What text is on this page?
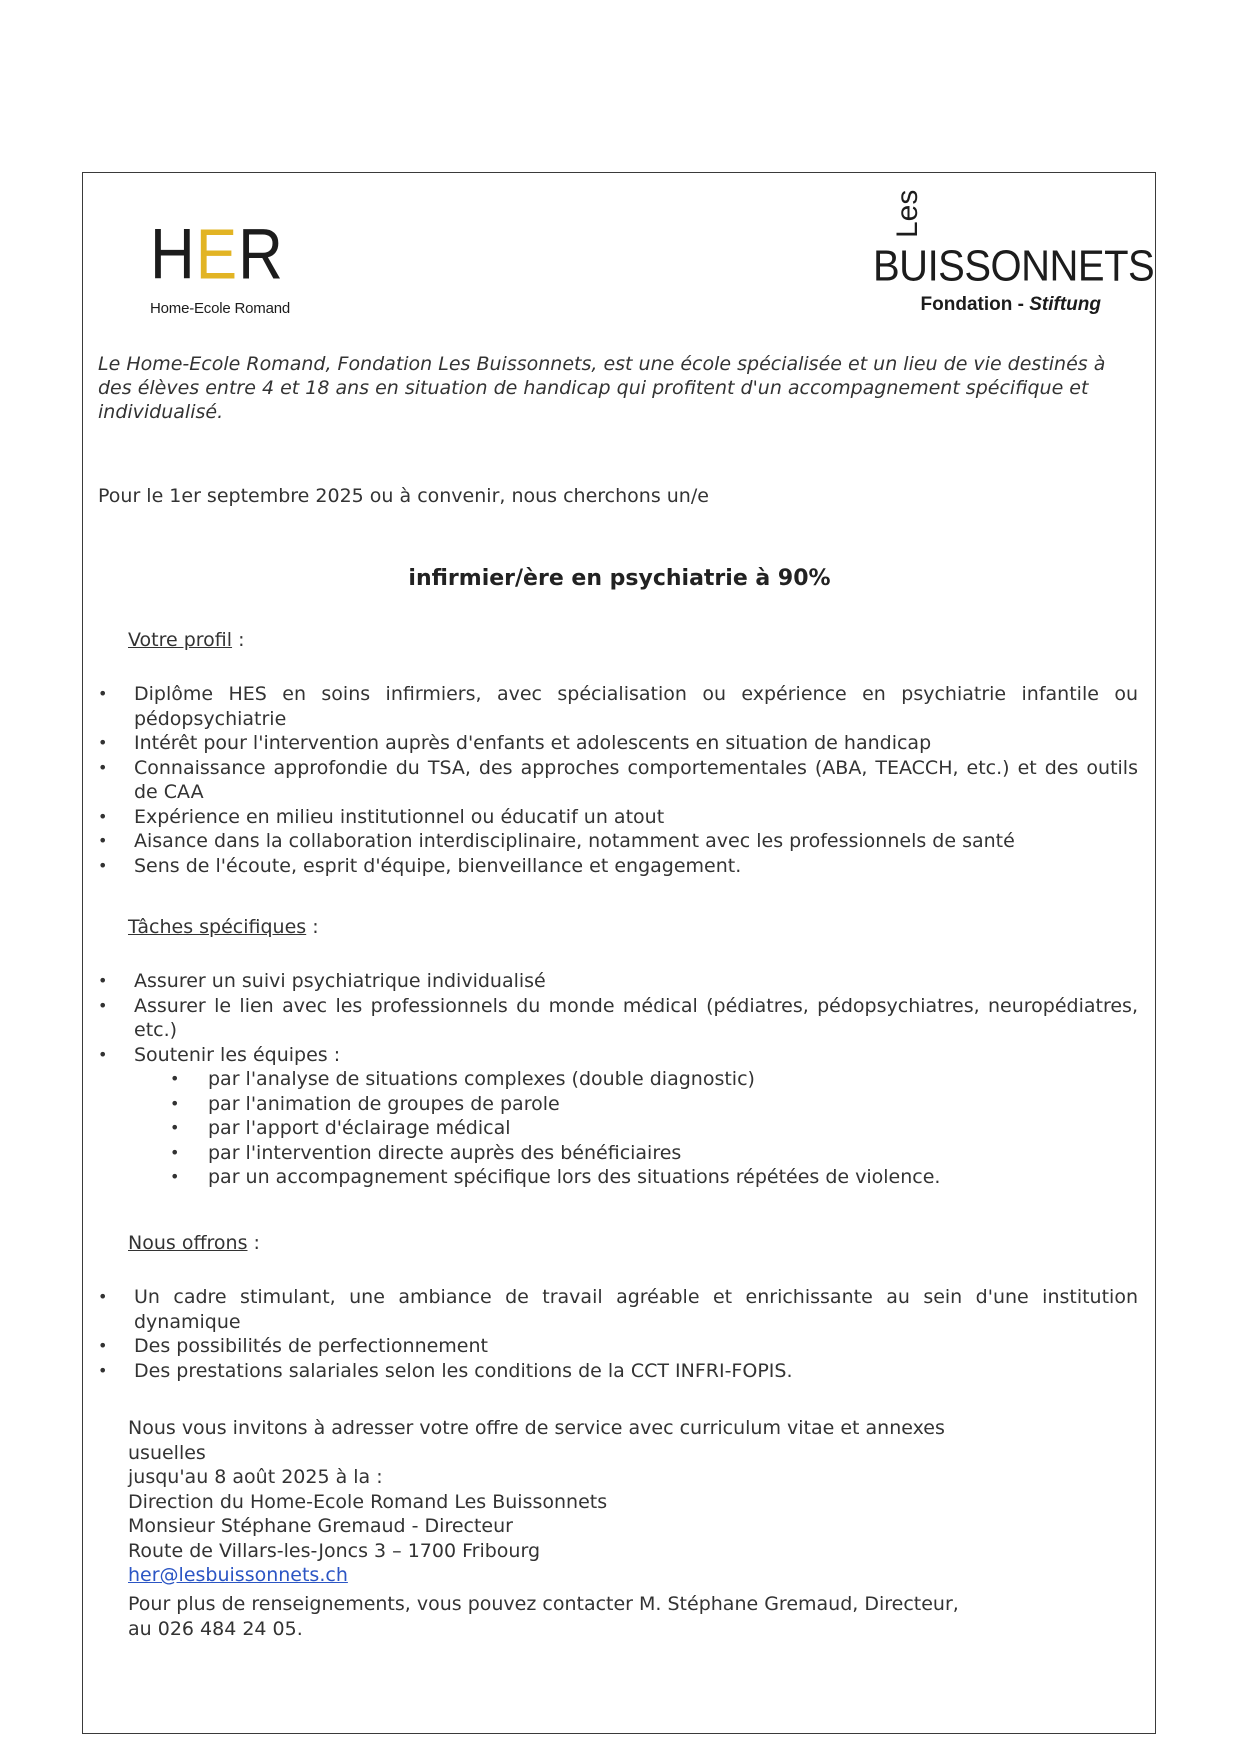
HER
Home-Ecole Romand
Les
BUISSONNETS
Fondation - Stiftung
Le Home-Ecole Romand, Fondation Les Buissonnets, est une école spécialisée et un lieu de vie destinés à des élèves entre 4 et 18 ans en situation de handicap qui profitent d'un accompagnement spécifique et individualisé.
Pour le 1er septembre 2025 ou à convenir, nous cherchons un/e
infirmier/ère en psychiatrie à 90%
Votre profil :
• Diplôme HES en soins infirmiers, avec spécialisation ou expérience en psychiatrie infantile ou pédopsychiatrie
• Intérêt pour l'intervention auprès d'enfants et adolescents en situation de handicap
• Connaissance approfondie du TSA, des approches comportementales (ABA, TEACCH, etc.) et des outils de CAA
• Expérience en milieu institutionnel ou éducatif un atout
• Aisance dans la collaboration interdisciplinaire, notamment avec les professionnels de santé
• Sens de l'écoute, esprit d'équipe, bienveillance et engagement.
Tâches spécifiques :
• Assurer un suivi psychiatrique individualisé
• Assurer le lien avec les professionnels du monde médical (pédiatres, pédopsychiatres, neuropédiatres, etc.)
• Soutenir les équipes :
• par l'analyse de situations complexes (double diagnostic)
• par l'animation de groupes de parole
• par l'apport d'éclairage médical
• par l'intervention directe auprès des bénéficiaires
• par un accompagnement spécifique lors des situations répétées de violence.
Nous offrons :
• Un cadre stimulant, une ambiance de travail agréable et enrichissante au sein d'une institution dynamique
• Des possibilités de perfectionnement
• Des prestations salariales selon les conditions de la CCT INFRI-FOPIS.
Nous vous invitons à adresser votre offre de service avec curriculum vitae et annexes usuelles
jusqu'au 8 août 2025 à la :
Direction du Home-Ecole Romand Les Buissonnets
Monsieur Stéphane Gremaud - Directeur
Route de Villars-les-Joncs 3 – 1700 Fribourg
her@lesbuissonnets.ch
Pour plus de renseignements, vous pouvez contacter M. Stéphane Gremaud, Directeur,
au 026 484 24 05.
